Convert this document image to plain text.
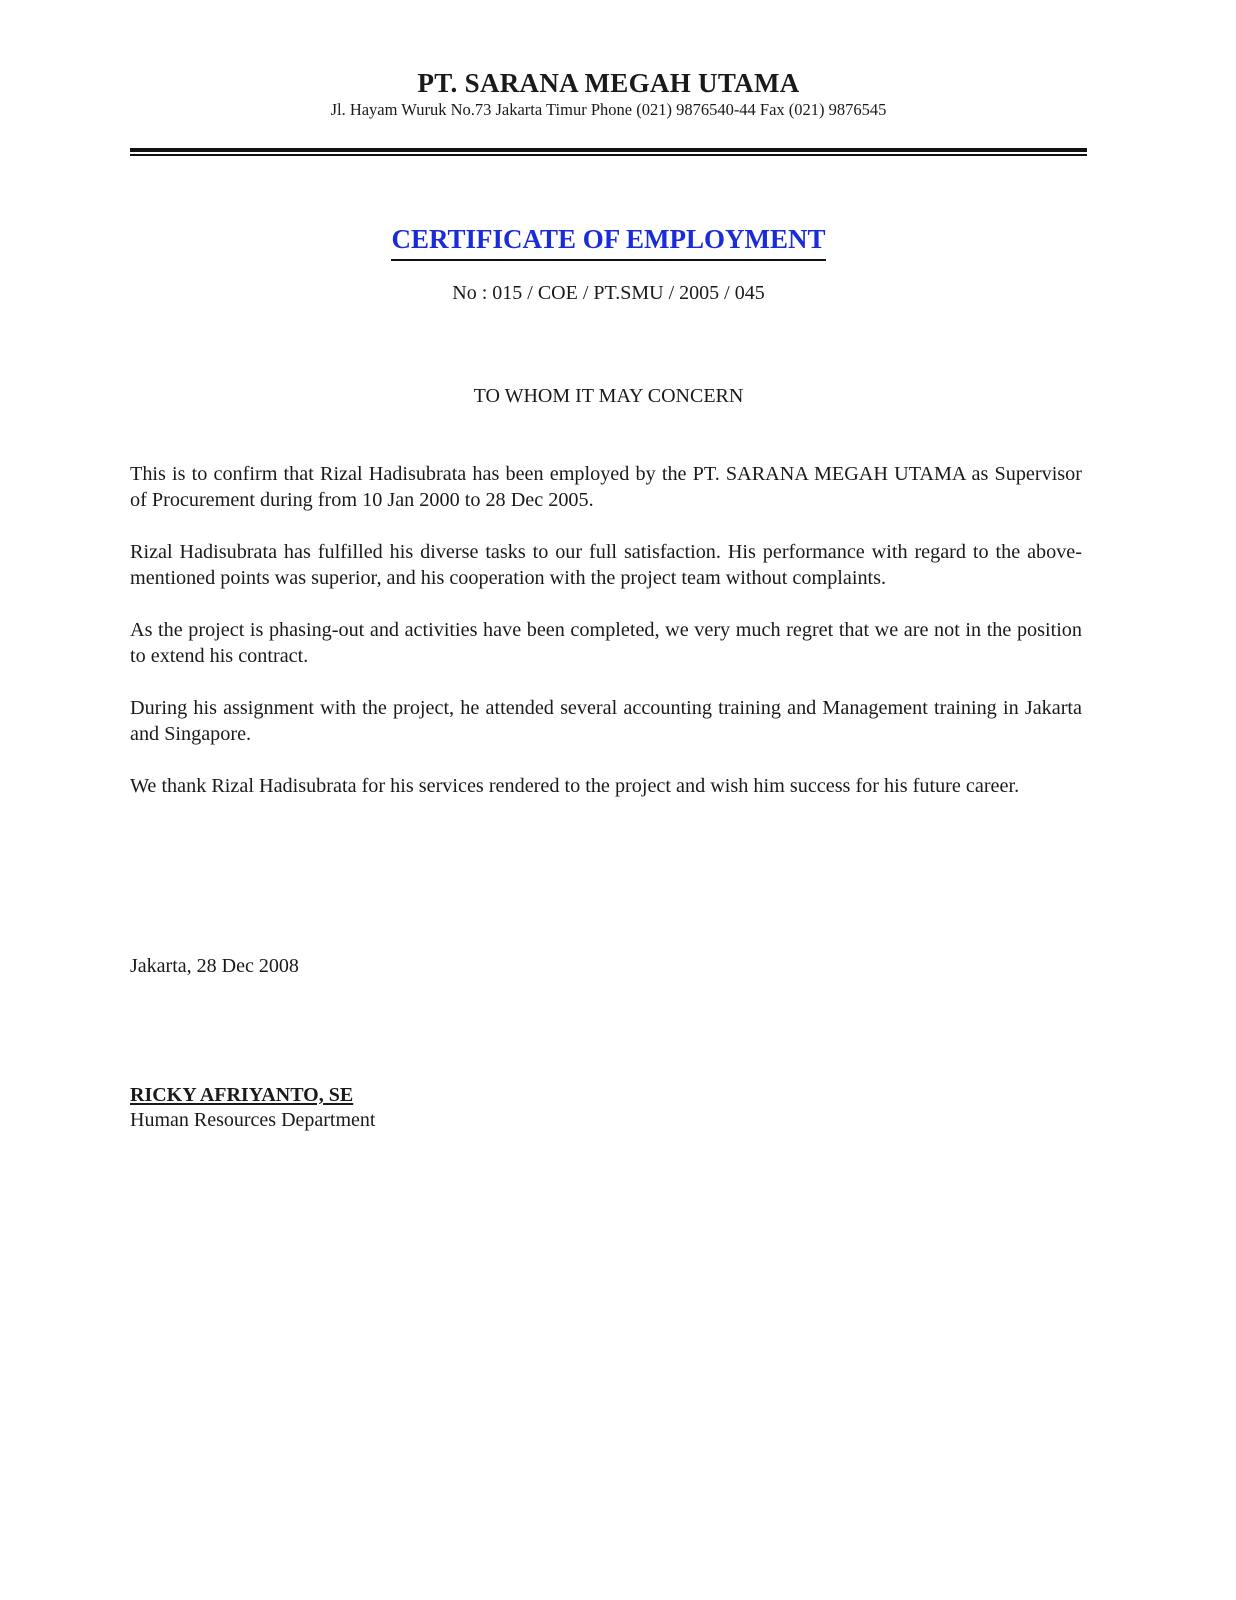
PT. SARANA MEGAH UTAMA

Jl. Hayam Wuruk No.73 Jakarta Timur Phone (021) 9876540-44 Fax (021) 9876545

CERTIFICATE OF EMPLOYMENT
No : 015 / COE / PT.SMU / 2005 / 045
TO WHOM IT MAY CONCERN

This is to confirm that Rizal Hadisubrata has been employed by the PT. SARANA MEGAH UTAMA as Supervisor of Procurement during from 10 Jan 2000 to 28 Dec 2005.

Rizal Hadisubrata has fulfilled his diverse tasks to our full satisfaction. His performance with regard to the above-mentioned points was superior, and his cooperation with the project team without complaints.

As the project is phasing-out and activities have been completed, we very much regret that we are not in the position to extend his contract.

During his assignment with the project, he attended several accounting training and Management training in Jakarta and Singapore.

We thank Rizal Hadisubrata for his services rendered to the project and wish him success for his future career.

Jakarta, 28 Dec 2008
RICKY AFRIYANTO, SE
Human Resources Department
